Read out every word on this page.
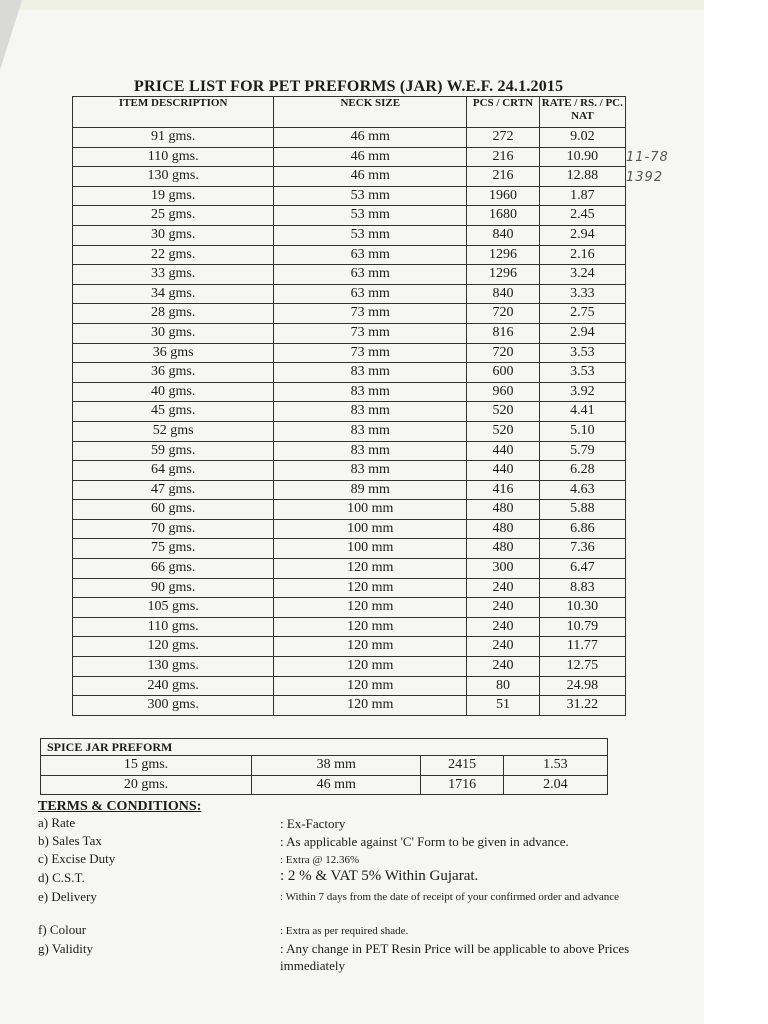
PRICE LIST FOR PET PREFORMS (JAR) W.E.F. 24.1.2015
ITEM DESCRIPTION	NECK SIZE	PCS / CRTN	RATE / RS. / PC. NAT
91 gms.	46 mm	272	9.02
110 gms.	46 mm	216	10.90
130 gms.	46 mm	216	12.88
19 gms.	53 mm	1960	1.87
25 gms.	53 mm	1680	2.45
30 gms.	53 mm	840	2.94
22 gms.	63 mm	1296	2.16
33 gms.	63 mm	1296	3.24
34 gms.	63 mm	840	3.33
28 gms.	73 mm	720	2.75
30 gms.	73 mm	816	2.94
36 gms	73 mm	720	3.53
36 gms.	83 mm	600	3.53
40 gms.	83 mm	960	3.92
45 gms.	83 mm	520	4.41
52 gms	83 mm	520	5.10
59 gms.	83 mm	440	5.79
64 gms.	83 mm	440	6.28
47 gms.	89 mm	416	4.63
60 gms.	100 mm	480	5.88
70 gms.	100 mm	480	6.86
75 gms.	100 mm	480	7.36
66 gms.	120 mm	300	6.47
90 gms.	120 mm	240	8.83
105 gms.	120 mm	240	10.30
110 gms.	120 mm	240	10.79
120 gms.	120 mm	240	11.77
130 gms.	120 mm	240	12.75
240 gms.	120 mm	80	24.98
300 gms.	120 mm	51	31.22
11-78
1392
SPICE JAR PREFORM			
15 gms.	38 mm	2415	1.53
20 gms.	46 mm	1716	2.04
TERMS & CONDITIONS:
a) Rate	: Ex-Factory
b) Sales Tax	: As applicable against 'C' Form to be given in advance.
c) Excise Duty	: Extra @ 12.36%
d) C.S.T.	: 2 % & VAT 5% Within Gujarat.
e) Delivery	: Within 7 days from the date of receipt of your confirmed order and advance
f) Colour	: Extra as per required shade.
g) Validity	: Any change in PET Resin Price will be applicable to above Prices immediately
